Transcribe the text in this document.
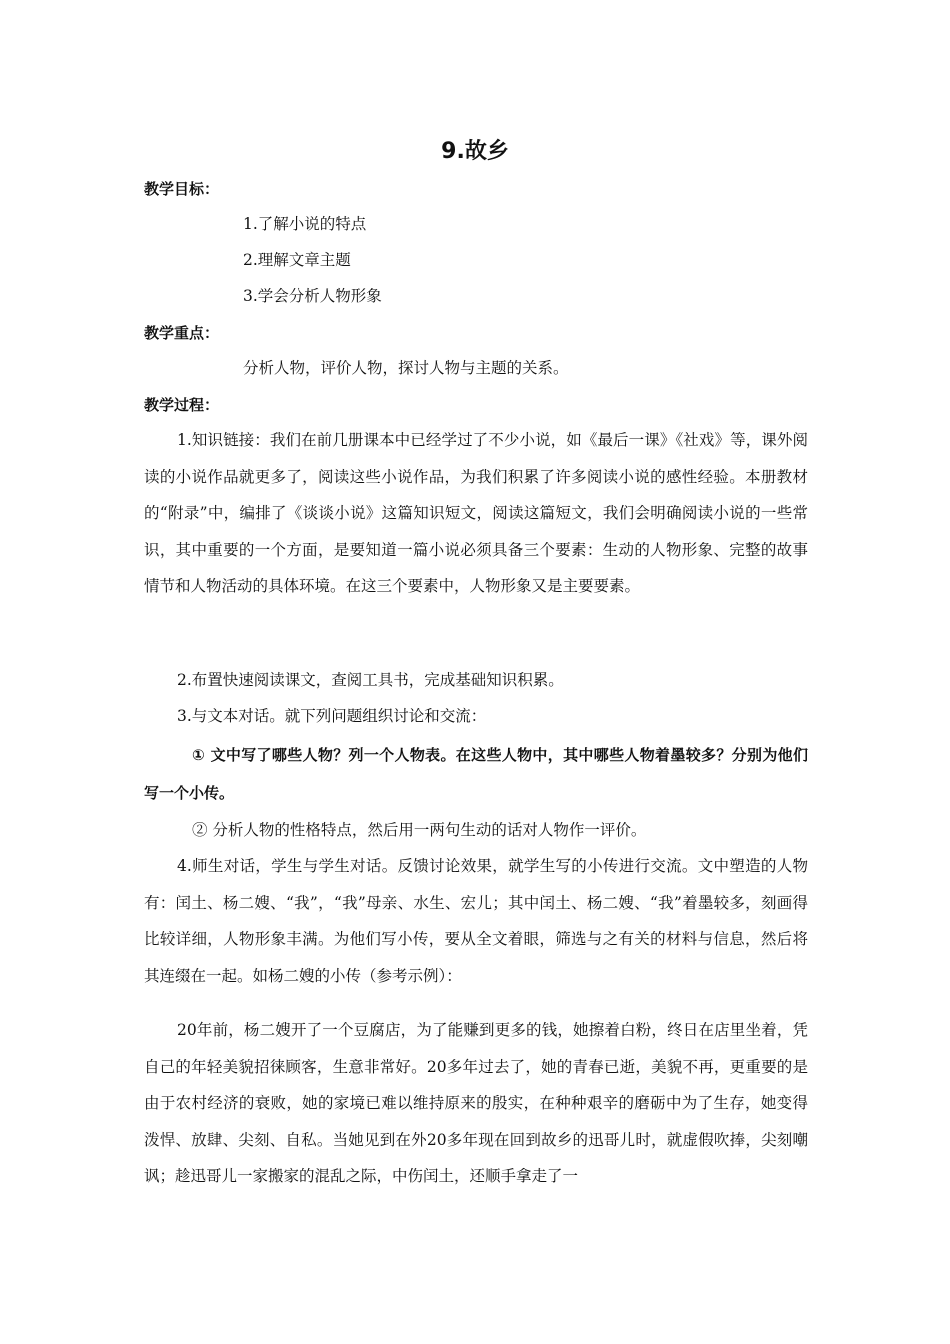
9.故乡
教学目标：
1.了解小说的特点
2.理解文章主题
3.学会分析人物形象
教学重点：
分析人物，评价人物，探讨人物与主题的关系。
教学过程：
1.知识链接：我们在前几册课本中已经学过了不少小说，如《最后一课》《社戏》等，课外阅读的小说作品就更多了，阅读这些小说作品，为我们积累了许多阅读小说的感性经验。本册教材的“附录”中，编排了《谈谈小说》这篇知识短文，阅读这篇短文，我们会明确阅读小说的一些常识，其中重要的一个方面，是要知道一篇小说必须具备三个要素：生动的人物形象、完整的故事情节和人物活动的具体环境。在这三个要素中，人物形象又是主要要素。
2.布置快速阅读课文，查阅工具书，完成基础知识积累。
3.与文本对话。就下列问题组织讨论和交流：
① 文中写了哪些人物？列一个人物表。在这些人物中，其中哪些人物着墨较多？分别为他们写一个小传。
② 分析人物的性格特点，然后用一两句生动的话对人物作一评价。
4.师生对话，学生与学生对话。反馈讨论效果，就学生写的小传进行交流。文中塑造的人物有：闰土、杨二嫂、“我”，“我”母亲、水生、宏儿；其中闰土、杨二嫂、“我”着墨较多，刻画得比较详细，人物形象丰满。为他们写小传，要从全文着眼，筛选与之有关的材料与信息，然后将其连缀在一起。如杨二嫂的小传（参考示例）：
20年前，杨二嫂开了一个豆腐店，为了能赚到更多的钱，她擦着白粉，终日在店里坐着，凭自己的年轻美貌招徕顾客，生意非常好。20多年过去了，她的青春已逝，美貌不再，更重要的是由于农村经济的衰败，她的家境已难以维持原来的殷实，在种种艰辛的磨砺中为了生存，她变得泼悍、放肆、尖刻、自私。当她见到在外20多年现在回到故乡的迅哥儿时，就虚假吹捧，尖刻嘲讽；趁迅哥儿一家搬家的混乱之际，中伤闰土，还顺手拿走了一
